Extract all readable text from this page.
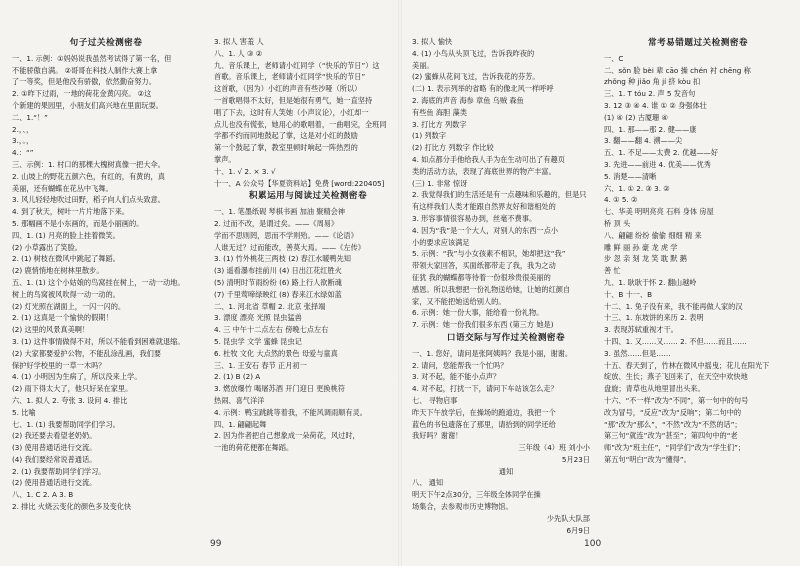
句子过关检测密卷

一、1. 示例：①妈妈说我虽然考试得了第一名，但

不能骄傲自满。 ②哥哥在科技人制作大赛上拿

了一等奖，但是他没有骄傲，依然勤奋努力。

2. ①昨下过雨，一地的荷花金黄闪亮。 ②这

个新建的果园里，小朋友们高兴地在里面玩耍。

二、1.“！”

2.，、，

3.，。，

4.：“”

三、示例：1. 村口的那棵大槐树真像一把大伞。

2. 山坡上的野花五颜六色，有红的，有黄的，真

美丽，还有蝴蝶在花丛中飞舞。

3. 风儿轻轻地吹过田野，稻子向人们点头致意。

4. 到了秋天，树叶一片片地落下来。

5. 那幅画不是小东画的，而是小丽画的。

四、1. (1) 月亮的脸上挂着微笑。

(2) 小草露出了笑脸。

2. (1) 树枝在微风中跳起了舞蹈。

(2) 鹿悄悄地在树林里散步。

五、1. (1) 这个小姑娘的鸟窝挂在树上，一动一动地。

树上的鸟窝被风吹得一动一动的。

(2) 灯光照在湖面上，一闪一闪的。

2. (1) 这真是一个愉快的假期！

(2) 这里的风景真美啊！

3. (1) 这件事情做得不对，所以不能看到困难就退缩。

(2) 大家都要爱护公物，不能乱涂乱画，我们要

保护好学校里的一草一木吗？

4. (1) 小明因为生病了，所以没来上学。

(2) 雨下得太大了，他只好呆在家里。

六、1. 拟人 2. 夸张 3. 设问 4. 排比

5. 比喻

七、1. (1) 我要帮助同学们学习。

(2) 我还要去看望老奶奶。

(3) 使用普通话进行交流。

(4) 我们要经常说普通话。

2. (1) 我要帮助同学们学习。

(2) 使用普通话进行交流。

八、1. C 2. A 3. B

2. 排比 火烧云变化的颜色多及变化快

3. 拟人 害羞 人

八、1. 人 ③ ②

九、音乐课上，老师请小红同学（“快乐的节日”）这

首歌。音乐课上，老师请小红同学“快乐的节日”

这首歌，（因为）小红的声音有些沙哑（所以）

一首歌唱得不太好，但是她很有勇气，她一直坚持

唱了下去，这时有人笑她（小声议论），小红却一

点儿也没有慌张，她用心的歌唱着，一曲唱完，全班同

学都不约而同地鼓起了掌，这是对小红的鼓励

第一个鼓起了掌，教室里顿时响起一阵热烈的

掌声。

十、1. √ 2. × 3. √

十一、A 公众号【华夏资料站】免费 [word:220405]

积累运用与阅读过关检测密卷

一、1. 笔墨纸砚 琴棋书画 加油 聚精会神

2. 过而不改，是谓过矣。——《周易》

学而不思则罔，思而不学则殆。——《论语》

人谁无过？过而能改，善莫大焉。——《左传》

3. (1) 竹外桃花三两枝 (2) 春江水暖鸭先知

(3) 遥看瀑布挂前川 (4) 日出江花红胜火

(5) 清明时节雨纷纷 (6) 路上行人欲断魂

(7) 千里莺啼绿映红 (8) 春来江水绿如蓝

二、1. 河北省 草帽 2. 北京 张择端

3. 漂度 漂亮 光照 昆虫猛兽

4. 三 中午十二点左右 傍晚七点左右

5. 昆虫学 文学 蜜蜂 昆虫记

6. 杜牧 文化 大点然的景色 母爱与童真

三、1. 王安石 春节 正月初一

2. (1) B (2) A

3. 燃放爆竹 喝屠苏酒 开门迎日 更换桃符

热闹、喜气洋洋

4. 示例：鸭宝跳跳等着我，不能风调雨顺有灵。

四、1. 翩翩起舞

2. 因为作者把自己想象成一朵荷花，风过时，

一池的荷花便都在舞蹈。

3. 拟人 愉快

4. (1) 小鸟从头顶飞过，告诉我昨夜的

美丽。

(2) 蜜蜂从花间飞过，告诉我花的芬芳。

(二) 1. 表示列举的省略 有的像北风一样呼呼

2. 海底的声音 海参 章鱼 乌贼 森鱼

有些鱼 海胆 藻类

3. 打比方 列数字

(1) 列数字

(2) 打比方 列数字 作比较

4. 如点都分手他给我人手为在生动可出了有趣页

类的活动方法，表现了海底世界的物产丰富。

(三) 1. 非常 惊讶

2. 我觉得我们的生活还是有一点趣味和乐趣的，但是只

有这样我们人类才能跟自然界友好和谐相处的

3. 形容事情很容易办到，丝毫不费事。

4. 因为“我”是一个大人，对别人的东西一点小

小的要求应该满足

5. 示例：“我”与小女孩素不相识，她却把这“我”

带领大家回答，买面纸都带走了我，我为之动

征犹 我的蝴蝶都等待着一份很珍贵很美丽的

感恩。所以我想把一份礼物送给她，让她的红颜自

家，又不能把她送给别人的。

6. 示例：她一份大事，能给看一份礼物。

7. 示例：她一份我们很多东西 (第三方 她是)

口语交际与写作过关检测密卷

一、1. 您好，请问是张阿姨吗？我是小丽，谢谢。

2. 请问，您能帮我一个忙吗？

3. 对不起，能不能小点声？

4. 对不起，打扰一下，请问下车站该怎么走？

七、 寻物启事

昨天下午放学后，在操场的跑道边，我把一个

蓝色的书包遗落在了那里，请拾到的同学还给

我好吗？谢谢！

三年级（4）班 刘小小

5月23日

通知

八、 通知

明天下午2点30分，三年级全体同学在操

场集合，去参观市历史博物馆。

少先队大队部

6月9日

常考易错题过关检测密卷

一、C

二、sǒn 脸 bèi 辈 cāo 操 chén 衬 chēng 称

zhǒng 种 jiǎo 角 jí 挤 kòu 扣

三、1. T tóu 2. 声 5 发音句

3. 12 ③ ④ 4. 谁 ① ② 身强体壮

(1) ④ (2) 古厦珊 ④

四、1. 那——那 2. 健——康

3. 翻——翻 4. 溯——尖

五、1. 不足——太费 2. 优越——好

3. 先进——前进 4. 优美——优秀

5. 消楚——清晰

六、1. ① 2. ③ 3. ②

4. ① 5. ②

七、华美 明明亮亮 石料 身体 房屋

桥 顶 头

八、翩翩 纷纷 偷偷 细细 精 来

雕 鲜 丽 孙 豪 龙 虎 学

步 忽 亲 刻 龙 笑 耽 默 鹅

善 忙

九、1. 耿耿于怀 2. 翻山越岭

十、B 十一、B

十二、1. 兔子没有来，我不能再做人家的汉

十三、1. 东坡饼的来历 2. 表明

3. 表现苏轼重视才干。

十四、1. 又……又…… 2. 不但……而且……

3. 虽然……但是……

十五、春天到了，竹林在微风中摇曳；花儿在阳光下

绽放、生长；燕子飞回来了，在天空中欢快地

盘旋；青草也从地里冒出头来。

十六、“不一样”改为“不同”，第一句中的句号

改为冒号，“反应”改为“反响”；第二句中的

“那”改为“那么”，“不然”改为“不然的话”；

第三句“就连”改为“甚至”；第四句中的“老

师”改为“班主任”，“同学们”改为“学生们”；

第五句“明白”改为“懂得”。

99	100
